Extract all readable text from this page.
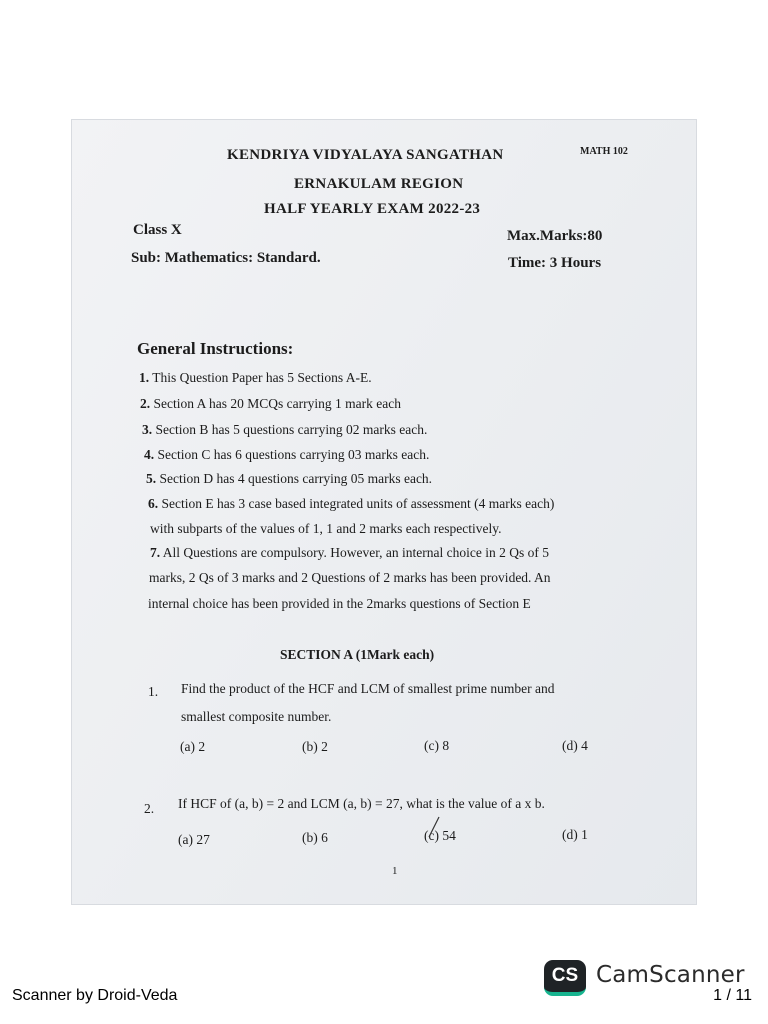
MATH 102
KENDRIYA VIDYALAYA SANGATHAN
ERNAKULAM REGION
HALF YEARLY EXAM 2022-23
Class X	Max.Marks:80
Sub: Mathematics: Standard.	Time: 3 Hours
General Instructions:
1. This Question Paper has 5 Sections A-E.
2. Section A has 20 MCQs carrying 1 mark each
3. Section B has 5 questions carrying 02 marks each.
4. Section C has 6 questions carrying 03 marks each.
5. Section D has 4 questions carrying 05 marks each.
6. Section E has 3 case based integrated units of assessment (4 marks each)
with subparts of the values of 1, 1 and 2 marks each respectively.
7. All Questions are compulsory. However, an internal choice in 2 Qs of 5
marks, 2 Qs of 3 marks and 2 Questions of 2 marks has been provided. An
internal choice has been provided in the 2marks questions of Section E
SECTION A (1Mark each)
1. Find the product of the HCF and LCM of smallest prime number and
smallest composite number.
(a) 2	(b) 2	(c) 8	(d) 4
2. If HCF of (a, b) = 2 and LCM (a, b) = 27, what is the value of a x b.
(a) 27	(b) 6	(c) 54	(d) 1
1
CS CamScanner
Scanner by Droid-Veda	1 / 11
